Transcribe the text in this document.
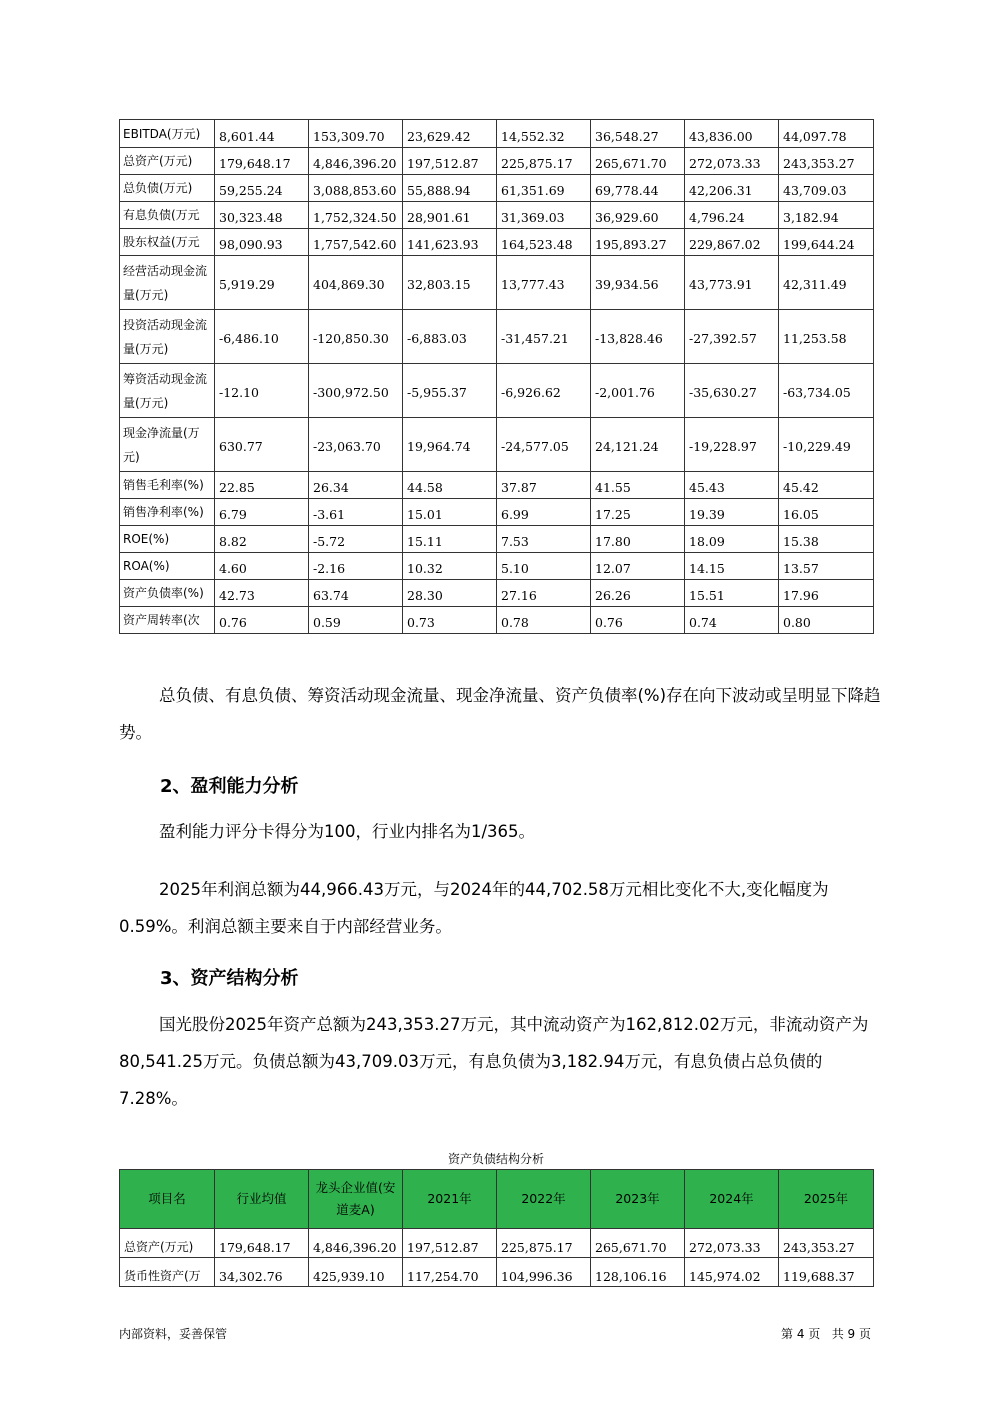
EBITDA(万元)	8,601.44	153,309.70	23,629.42	14,552.32	36,548.27	43,836.00	44,097.78
总资产(万元)	179,648.17	4,846,396.20	197,512.87	225,875.17	265,671.70	272,073.33	243,353.27
总负债(万元)	59,255.24	3,088,853.60	55,888.94	61,351.69	69,778.44	42,206.31	43,709.03
有息负债(万元	30,323.48	1,752,324.50	28,901.61	31,369.03	36,929.60	4,796.24	3,182.94
股东权益(万元	98,090.93	1,757,542.60	141,623.93	164,523.48	195,893.27	229,867.02	199,644.24
经营活动现金流量(万元)	5,919.29	404,869.30	32,803.15	13,777.43	39,934.56	43,773.91	42,311.49
投资活动现金流量(万元)	-6,486.10	-120,850.30	-6,883.03	-31,457.21	-13,828.46	-27,392.57	11,253.58
筹资活动现金流量(万元)	-12.10	-300,972.50	-5,955.37	-6,926.62	-2,001.76	-35,630.27	-63,734.05
现金净流量(万元)	630.77	-23,063.70	19,964.74	-24,577.05	24,121.24	-19,228.97	-10,229.49
销售毛利率(%)	22.85	26.34	44.58	37.87	41.55	45.43	45.42
销售净利率(%)	6.79	-3.61	15.01	6.99	17.25	19.39	16.05
ROE(%)	8.82	-5.72	15.11	7.53	17.80	18.09	15.38
ROA(%)	4.60	-2.16	10.32	5.10	12.07	14.15	13.57
资产负债率(%)	42.73	63.74	28.30	27.16	26.26	15.51	17.96
资产周转率(次	0.76	0.59	0.73	0.78	0.76	0.74	0.80
总负债、有息负债、筹资活动现金流量、现金净流量、资产负债率(%)存在向下波动或呈明显下降趋势。
2、盈利能力分析
盈利能力评分卡得分为100，行业内排名为1/365。
2025年利润总额为44,966.43万元，与2024年的44,702.58万元相比变化不大,变化幅度为0.59%。利润总额主要来自于内部经营业务。
3、资产结构分析
国光股份2025年资产总额为243,353.27万元，其中流动资产为162,812.02万元，非流动资产为80,541.25万元。负债总额为43,709.03万元，有息负债为3,182.94万元，有息负债占总负债的7.28%。
资产负债结构分析
项目名	行业均值	龙头企业值(安道麦A)	2021年	2022年	2023年	2024年	2025年
总资产(万元)	179,648.17	4,846,396.20	197,512.87	225,875.17	265,671.70	272,073.33	243,353.27
货币性资产(万	34,302.76	425,939.10	117,254.70	104,996.36	128,106.16	145,974.02	119,688.37
内部资料，妥善保管	第 4 页   共 9 页
